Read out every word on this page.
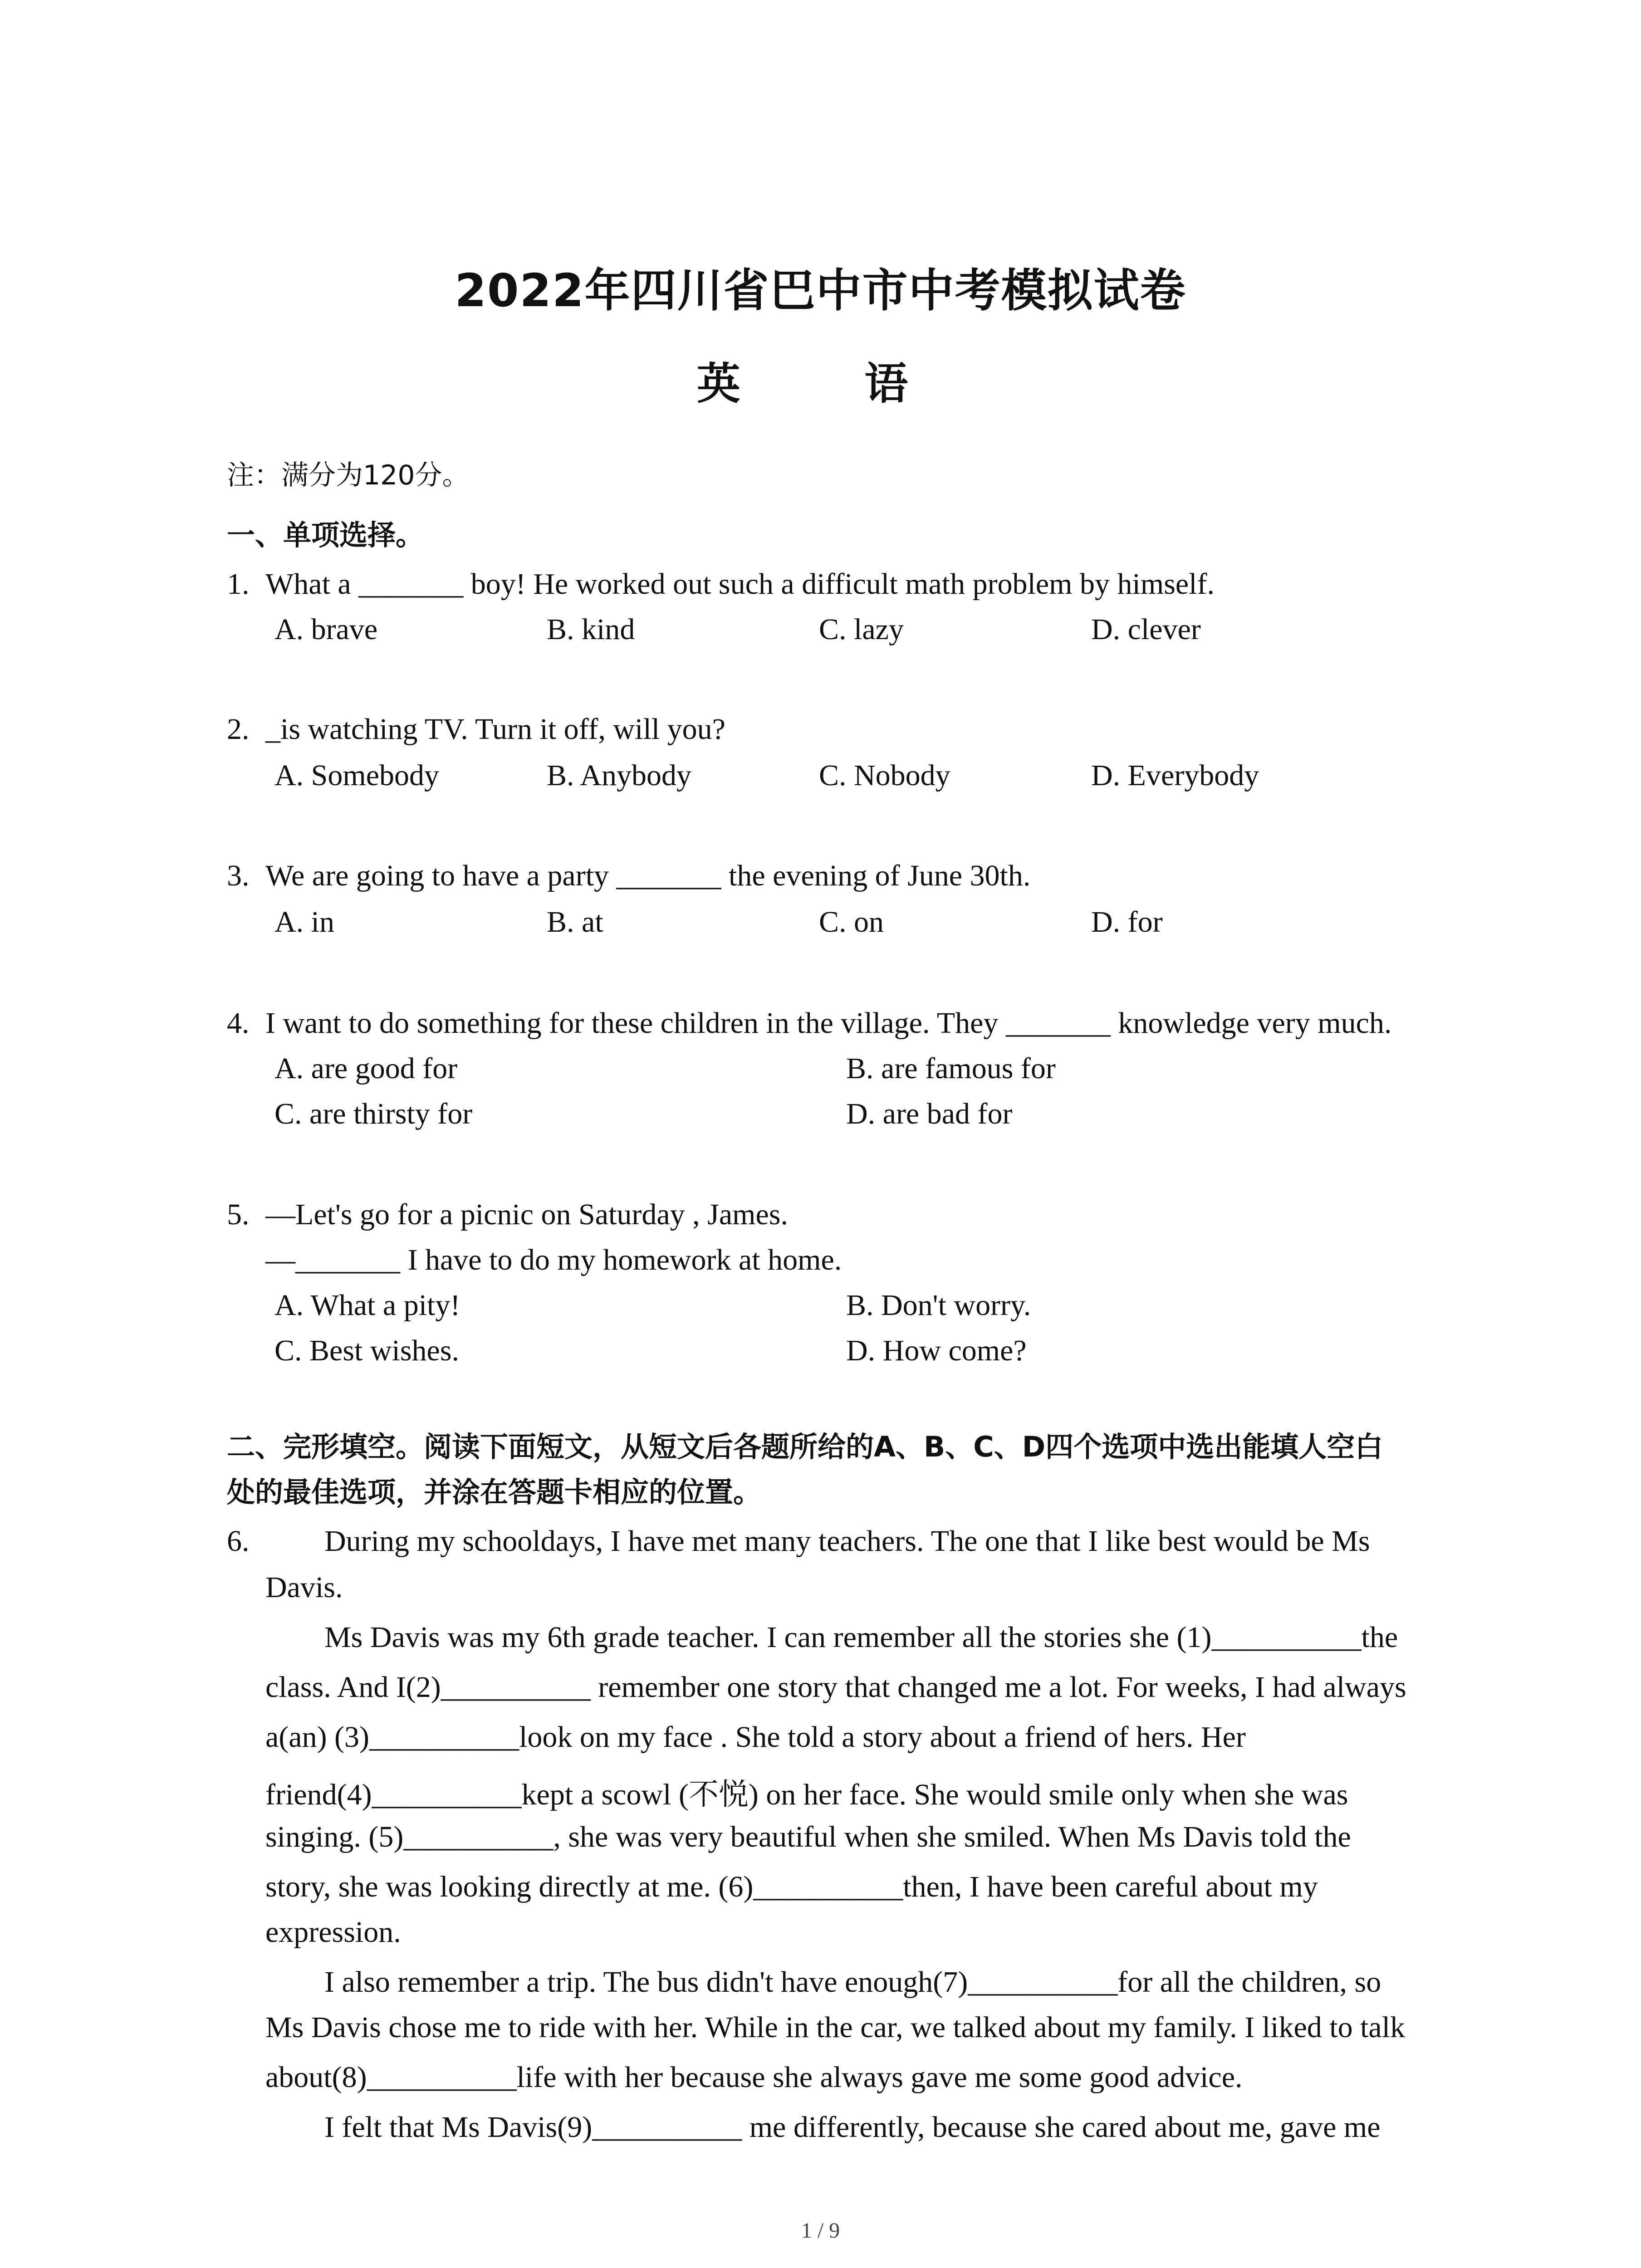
2022年四川省巴中市中考模拟试卷
英 语
注：满分为120分。
一、单项选择。
1. What a _______ boy! He worked out such a difficult math problem by himself.
A. brave	B. kind	C. lazy	D. clever
2. _is watching TV. Turn it off, will you?
A. Somebody	B. Anybody	C. Nobody	D. Everybody
3. We are going to have a party _______ the evening of June 30th.
A. in	B. at	C. on	D. for
4. I want to do something for these children in the village. They _______ knowledge very much.
A. are good for	B. are famous for
C. are thirsty for	D. are bad for
5. —Let's go for a picnic on Saturday , James.
—_______ I have to do my homework at home.
A. What a pity!	B. Don't worry.
C. Best wishes.	D. How come?
二、完形填空。阅读下面短文，从短文后各题所给的A、B、C、D四个选项中选出能填人空白
处的最佳选项，并涂在答题卡相应的位置。
6.	During my schooldays, I have met many teachers. The one that I like best would be Ms
Davis.
Ms Davis was my 6th grade teacher. I can remember all the stories she (1)__________the
class. And I(2)__________ remember one story that changed me a lot. For weeks, I had always
a(an) (3)__________look on my face . She told a story about a friend of hers. Her
friend(4)__________kept a scowl (不悦) on her face. She would smile only when she was
singing. (5)__________, she was very beautiful when she smiled. When Ms Davis told the
story, she was looking directly at me. (6)__________then, I have been careful about my
expression.
I also remember a trip. The bus didn't have enough(7)__________for all the children, so
Ms Davis chose me to ride with her. While in the car, we talked about my family. I liked to talk
about(8)__________life with her because she always gave me some good advice.
I felt that Ms Davis(9)__________ me differently, because she cared about me, gave me
1 / 9
